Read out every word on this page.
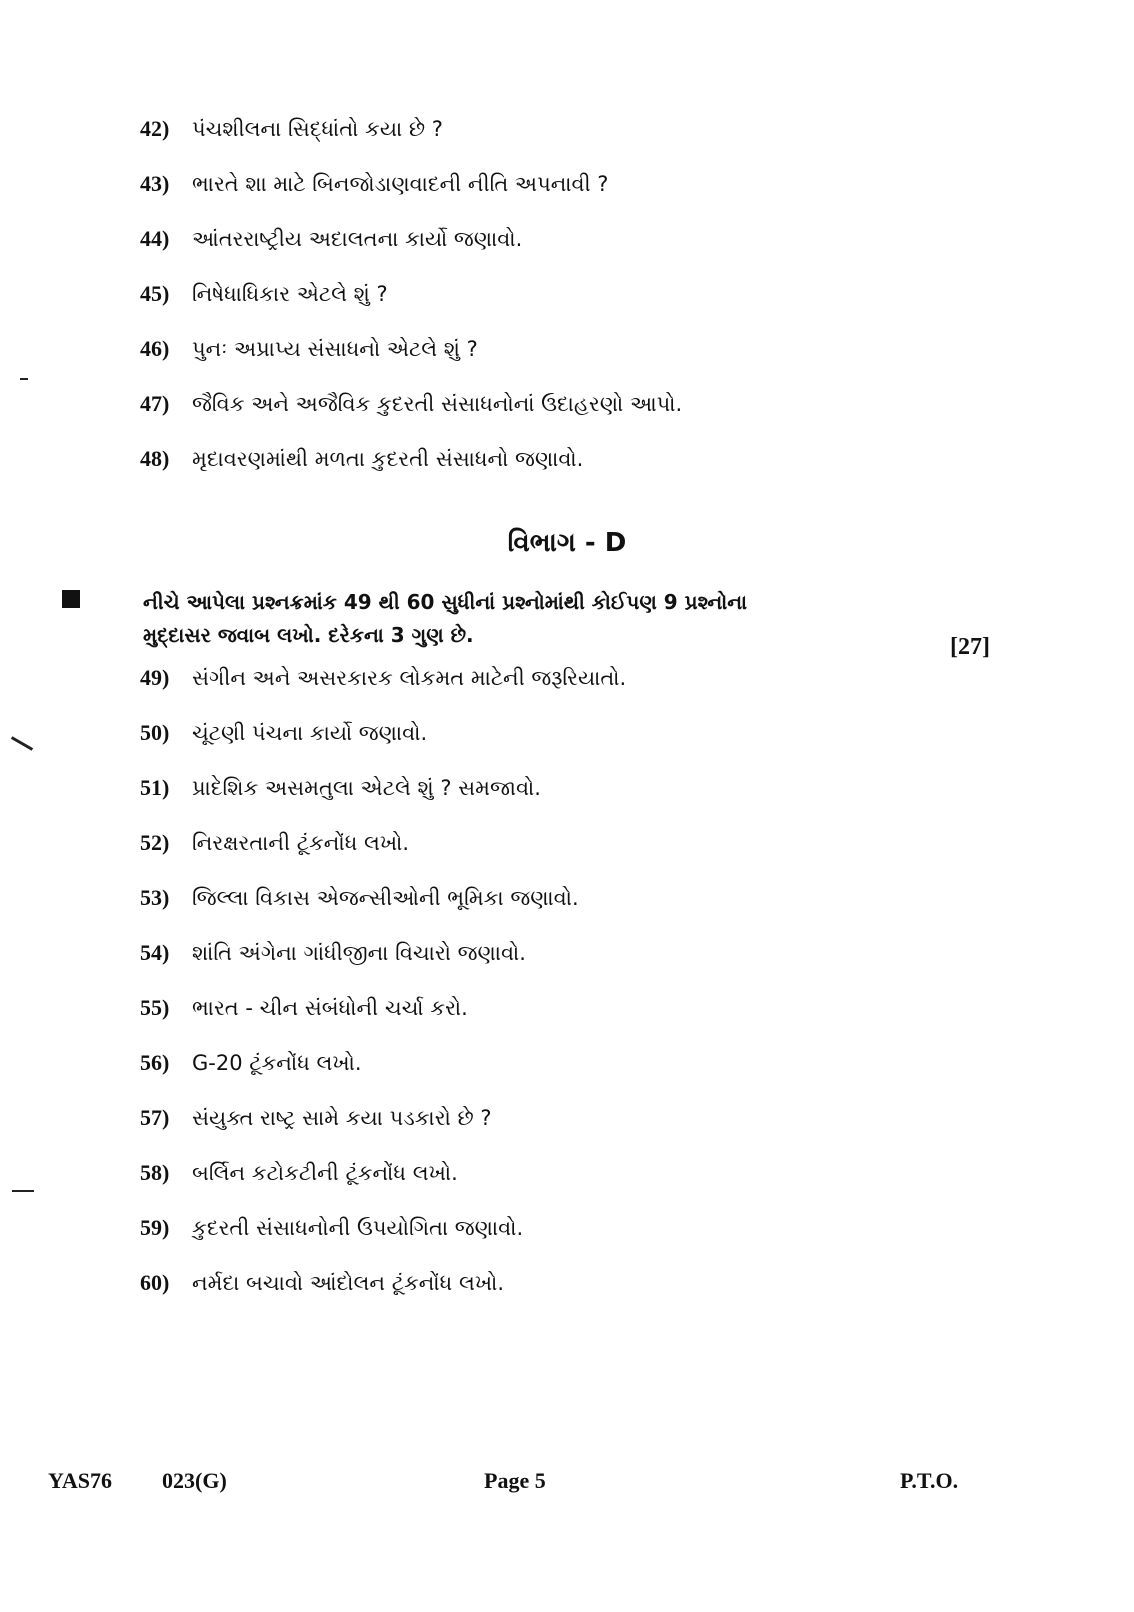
42) પંચશીલના સિદ્ધાંતો કયા છે ?
43) ભારતે શા માટે બિનજોડાણવાદની નીતિ અપનાવી ?
44) આંતરરાષ્ટ્રીય અદાલતના કાર્યો જણાવો.
45) નિષેધાધિકાર એટલે શું ?
46) પુનઃ અપ્રાપ્ય સંસાધનો એટલે શું ?
47) જૈવિક અને અજૈવિક કુદરતી સંસાધનોનાં ઉદાહરણો આપો.
48) મૃદાવરણમાંથી મળતા કુદરતી સંસાધનો જણાવો.
વિભાગ - D
નીચે આપેલા પ્રશ્નક્રમાંક 49 થી 60 સુધીનાં પ્રશ્નોમાંથી કોઈપણ 9 પ્રશ્નોના
મુદ્દાસર જવાબ લખો. દરેકના 3 ગુણ છે.	[27]
49) સંગીન અને અસરકારક લોકમત માટેની જરૂરિયાતો.
50) ચૂંટણી પંચના કાર્યો જણાવો.
51) પ્રાદેશિક અસમતુલા એટલે શું ? સમજાવો.
52) નિરક્ષરતાની ટૂંકનોંધ લખો.
53) જિલ્લા વિકાસ એજન્સીઓની ભૂમિકા જણાવો.
54) શાંતિ અંગેના ગાંધીજીના વિચારો જણાવો.
55) ભારત - ચીન સંબંધોની ચર્ચા કરો.
56) G-20 ટૂંકનોંધ લખો.
57) સંયુક્ત રાષ્ટ્ર સામે કયા પડકારો છે ?
58) બર્લિન કટોકટીની ટૂંકનોંધ લખો.
59) કુદરતી સંસાધનોની ઉપયોગિતા જણાવો.
60) નર્મદા બચાવો આંદોલન ટૂંકનોંધ લખો.
YAS76 023(G)	Page 5	P.T.O.
